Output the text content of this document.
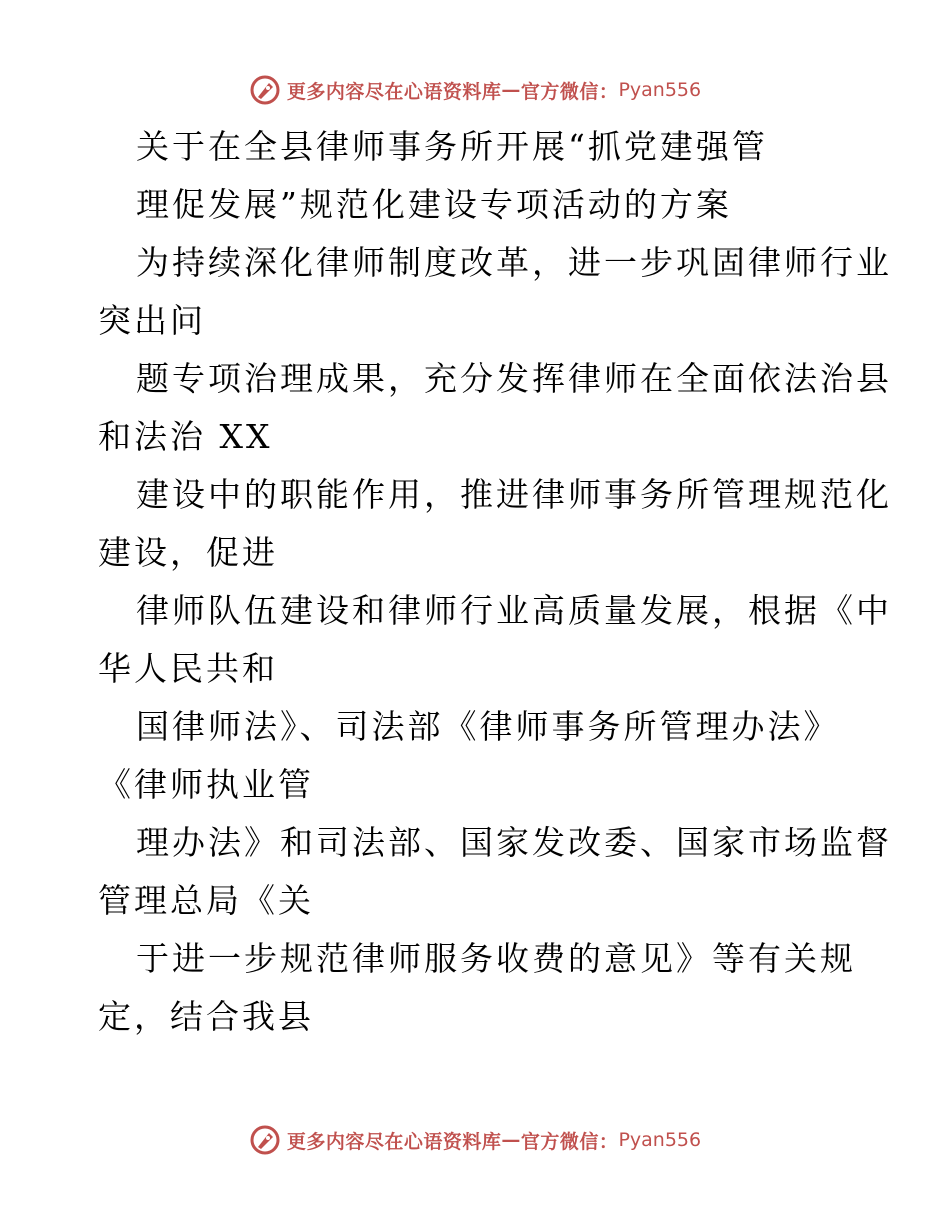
更多内容尽在心语资料库 — 官方微信： Pyan556
关于在全县律师事务所开展“抓党建强管
理促发展”规范化建设专项活动的方案
为持续深化律师制度改革，进一步巩固律师行业
突出问
题专项治理成果，充分发挥律师在全面依法治县
和法治 XX
建设中的职能作用，推进律师事务所管理规范化
建设，促进
律师队伍建设和律师行业高质量发展，根据《中
华人民共和
国律师法》、司法部《律师事务所管理办法》
《律师执业管
理办法》和司法部、国家发改委、国家市场监督
管理总局《关
于进一步规范律师服务收费的意见》等有关规
定，结合我县
更多内容尽在心语资料库 — 官方微信： Pyan556
